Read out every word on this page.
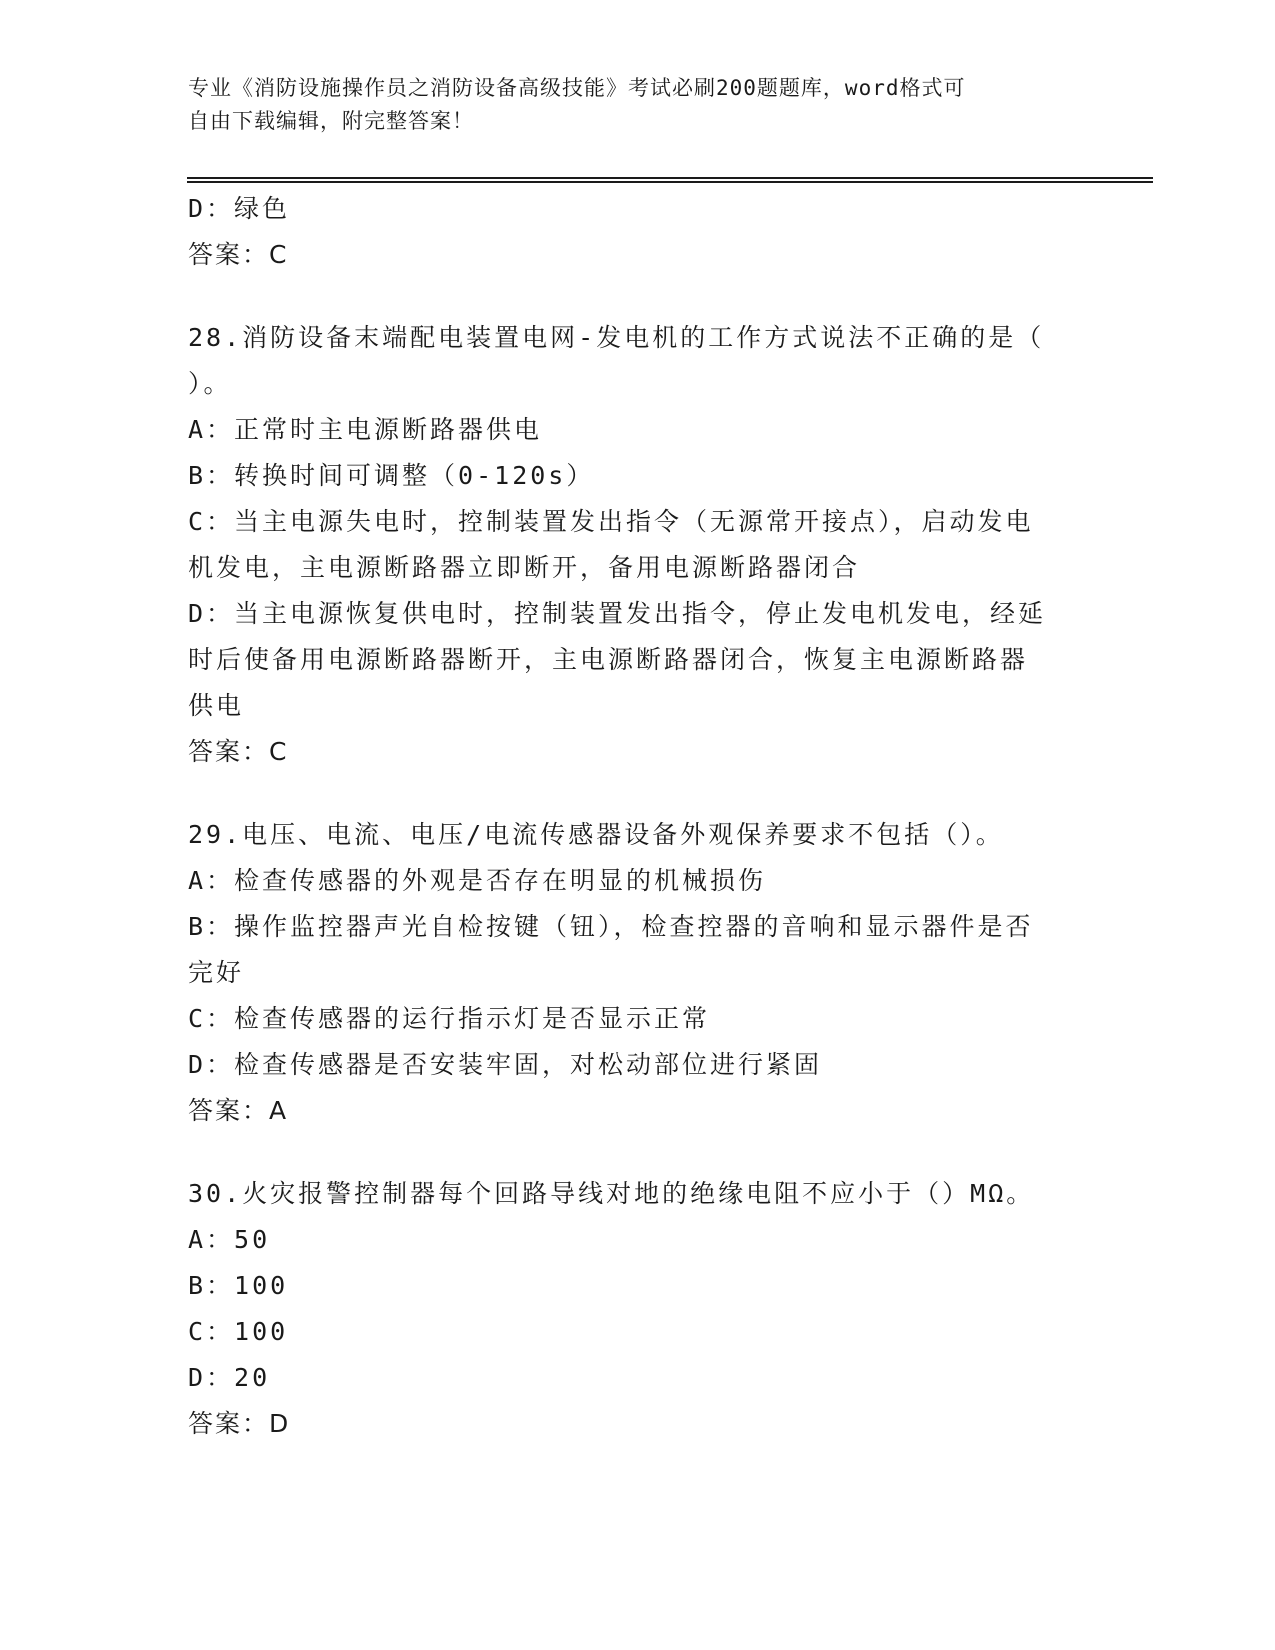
专业《消防设施操作员之消防设备高级技能》考试必刷200题题库，word格式可
自由下载编辑，附完整答案！
D：绿色
答案：C
28.消防设备末端配电装置电网-发电机的工作方式说法不正确的是（
）。
A：正常时主电源断路器供电
B：转换时间可调整（0-120s）
C：当主电源失电时，控制装置发出指令（无源常开接点），启动发电
机发电，主电源断路器立即断开，备用电源断路器闭合
D：当主电源恢复供电时，控制装置发出指令，停止发电机发电，经延
时后使备用电源断路器断开，主电源断路器闭合，恢复主电源断路器
供电
答案：C
29.电压、电流、电压/电流传感器设备外观保养要求不包括（）。
A：检查传感器的外观是否存在明显的机械损伤
B：操作监控器声光自检按键（钮），检查控器的音响和显示器件是否
完好
C：检查传感器的运行指示灯是否显示正常
D：检查传感器是否安装牢固，对松动部位进行紧固
答案：A
30.火灾报警控制器每个回路导线对地的绝缘电阻不应小于（）MΩ。
A：50
B：100
C：100
D：20
答案：D
